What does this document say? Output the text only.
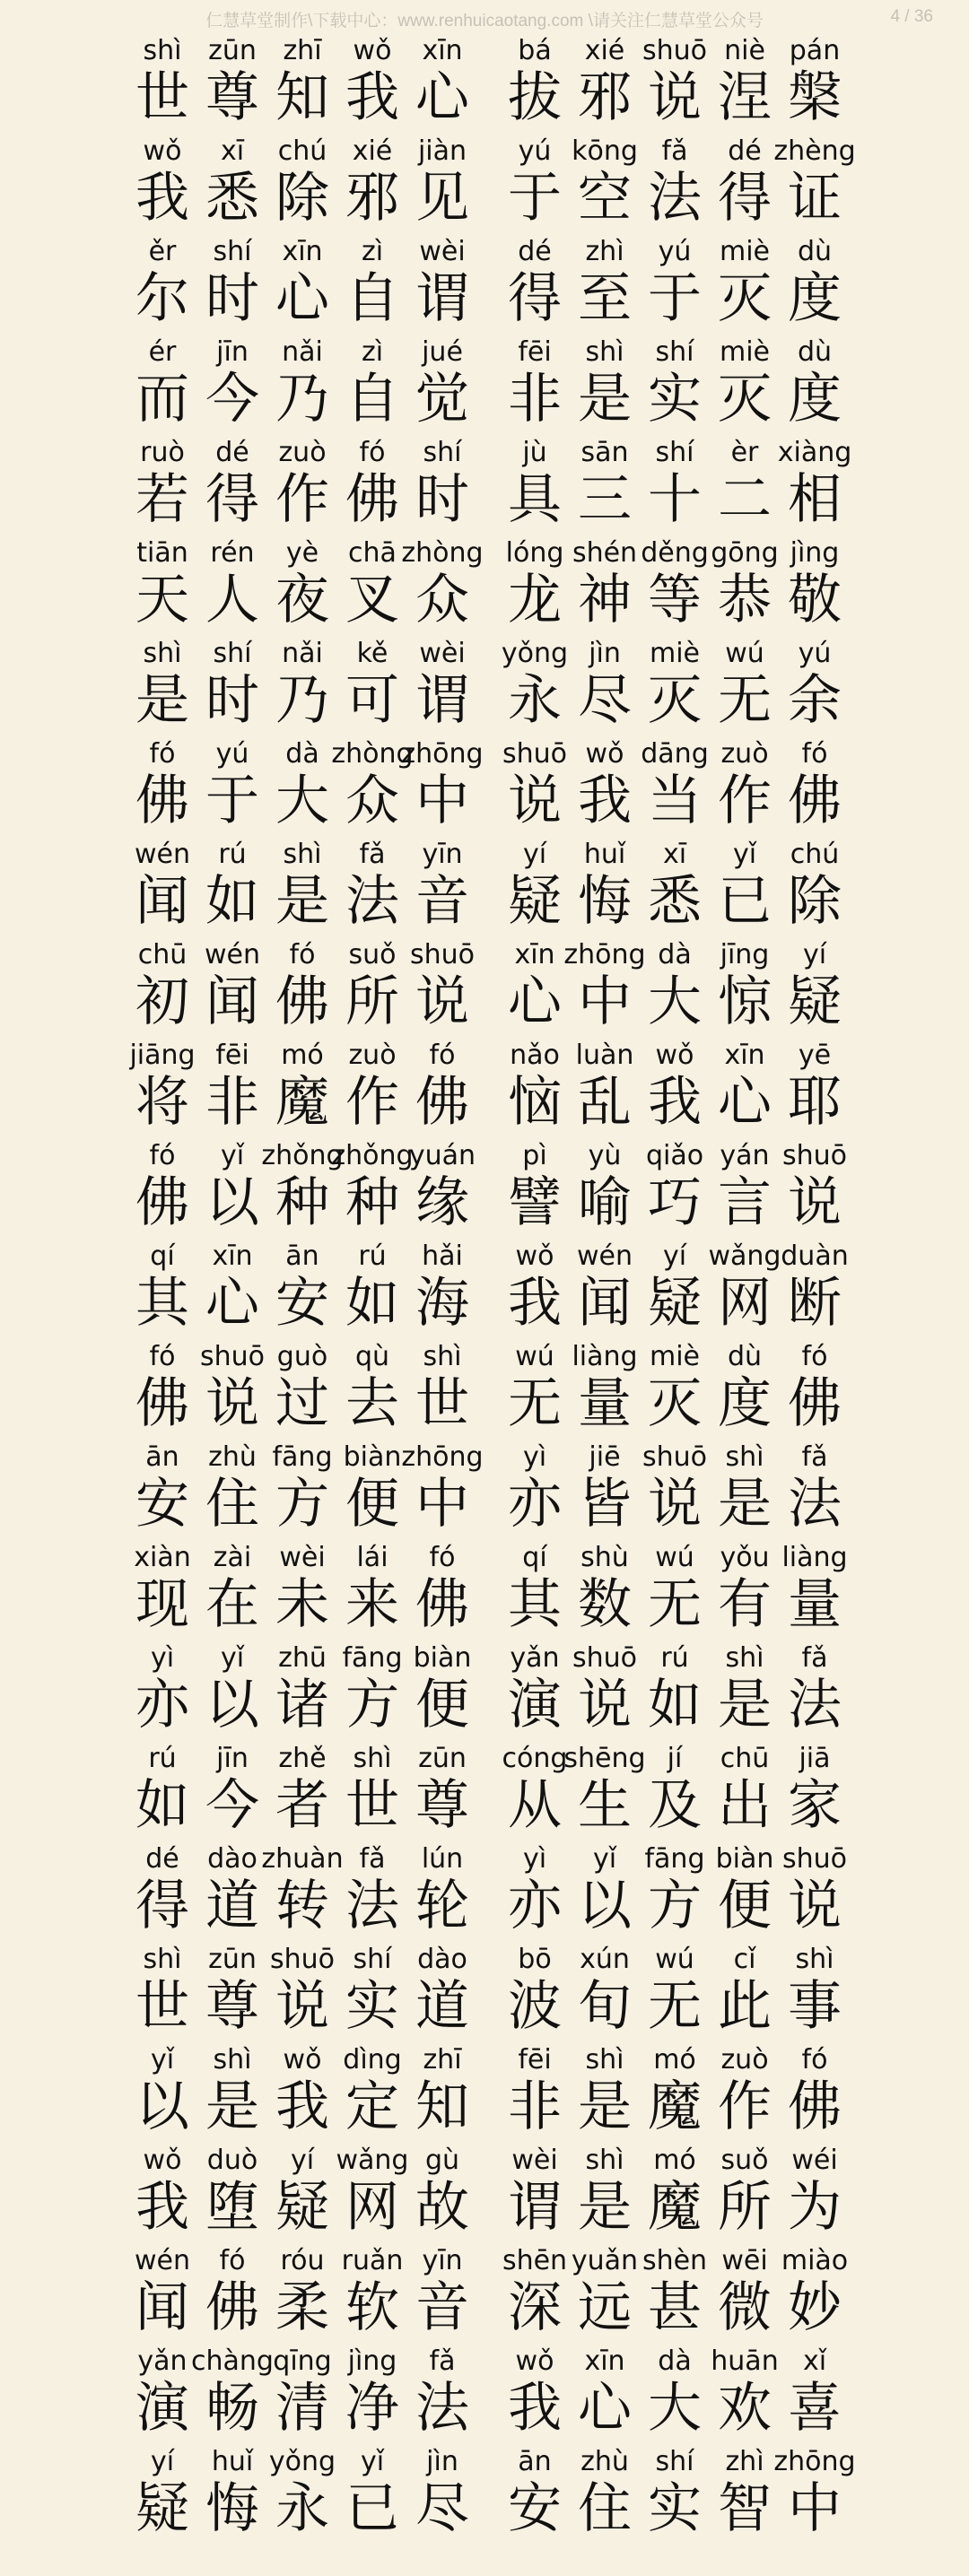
仁慧草堂制作\下载中心：www.renhuicaotang.com \请关注仁慧草堂公众号	4 / 36
shì
世
zūn
尊
zhī
知
wǒ
我
xīn
心
bá
拔
xié
邪
shuō
说
niè
涅
pán
槃
wǒ
我
xī
悉
chú
除
xié
邪
jiàn
见
yú
于
kōng
空
fǎ
法
dé
得
zhèng
证
ěr
尔
shí
时
xīn
心
zì
自
wèi
谓
dé
得
zhì
至
yú
于
miè
灭
dù
度
ér
而
jīn
今
nǎi
乃
zì
自
jué
觉
fēi
非
shì
是
shí
实
miè
灭
dù
度
ruò
若
dé
得
zuò
作
fó
佛
shí
时
jù
具
sān
三
shí
十
èr
二
xiàng
相
tiān
天
rén
人
yè
夜
chā
叉
zhòng
众
lóng
龙
shén
神
děng
等
gōng
恭
jìng
敬
shì
是
shí
时
nǎi
乃
kě
可
wèi
谓
yǒng
永
jìn
尽
miè
灭
wú
无
yú
余
fó
佛
yú
于
dà
大
zhòng
众
zhōng
中
shuō
说
wǒ
我
dāng
当
zuò
作
fó
佛
wén
闻
rú
如
shì
是
fǎ
法
yīn
音
yí
疑
huǐ
悔
xī
悉
yǐ
已
chú
除
chū
初
wén
闻
fó
佛
suǒ
所
shuō
说
xīn
心
zhōng
中
dà
大
jīng
惊
yí
疑
jiāng
将
fēi
非
mó
魔
zuò
作
fó
佛
nǎo
恼
luàn
乱
wǒ
我
xīn
心
yē
耶
fó
佛
yǐ
以
zhǒng
种
zhǒng
种
yuán
缘
pì
譬
yù
喻
qiǎo
巧
yán
言
shuō
说
qí
其
xīn
心
ān
安
rú
如
hǎi
海
wǒ
我
wén
闻
yí
疑
wǎng
网
duàn
断
fó
佛
shuō
说
guò
过
qù
去
shì
世
wú
无
liàng
量
miè
灭
dù
度
fó
佛
ān
安
zhù
住
fāng
方
biàn
便
zhōng
中
yì
亦
jiē
皆
shuō
说
shì
是
fǎ
法
xiàn
现
zài
在
wèi
未
lái
来
fó
佛
qí
其
shù
数
wú
无
yǒu
有
liàng
量
yì
亦
yǐ
以
zhū
诸
fāng
方
biàn
便
yǎn
演
shuō
说
rú
如
shì
是
fǎ
法
rú
如
jīn
今
zhě
者
shì
世
zūn
尊
cóng
从
shēng
生
jí
及
chū
出
jiā
家
dé
得
dào
道
zhuàn
转
fǎ
法
lún
轮
yì
亦
yǐ
以
fāng
方
biàn
便
shuō
说
shì
世
zūn
尊
shuō
说
shí
实
dào
道
bō
波
xún
旬
wú
无
cǐ
此
shì
事
yǐ
以
shì
是
wǒ
我
dìng
定
zhī
知
fēi
非
shì
是
mó
魔
zuò
作
fó
佛
wǒ
我
duò
堕
yí
疑
wǎng
网
gù
故
wèi
谓
shì
是
mó
魔
suǒ
所
wéi
为
wén
闻
fó
佛
róu
柔
ruǎn
软
yīn
音
shēn
深
yuǎn
远
shèn
甚
wēi
微
miào
妙
yǎn
演
chàng
畅
qīng
清
jìng
净
fǎ
法
wǒ
我
xīn
心
dà
大
huān
欢
xǐ
喜
yí
疑
huǐ
悔
yǒng
永
yǐ
已
jìn
尽
ān
安
zhù
住
shí
实
zhì
智
zhōng
中
